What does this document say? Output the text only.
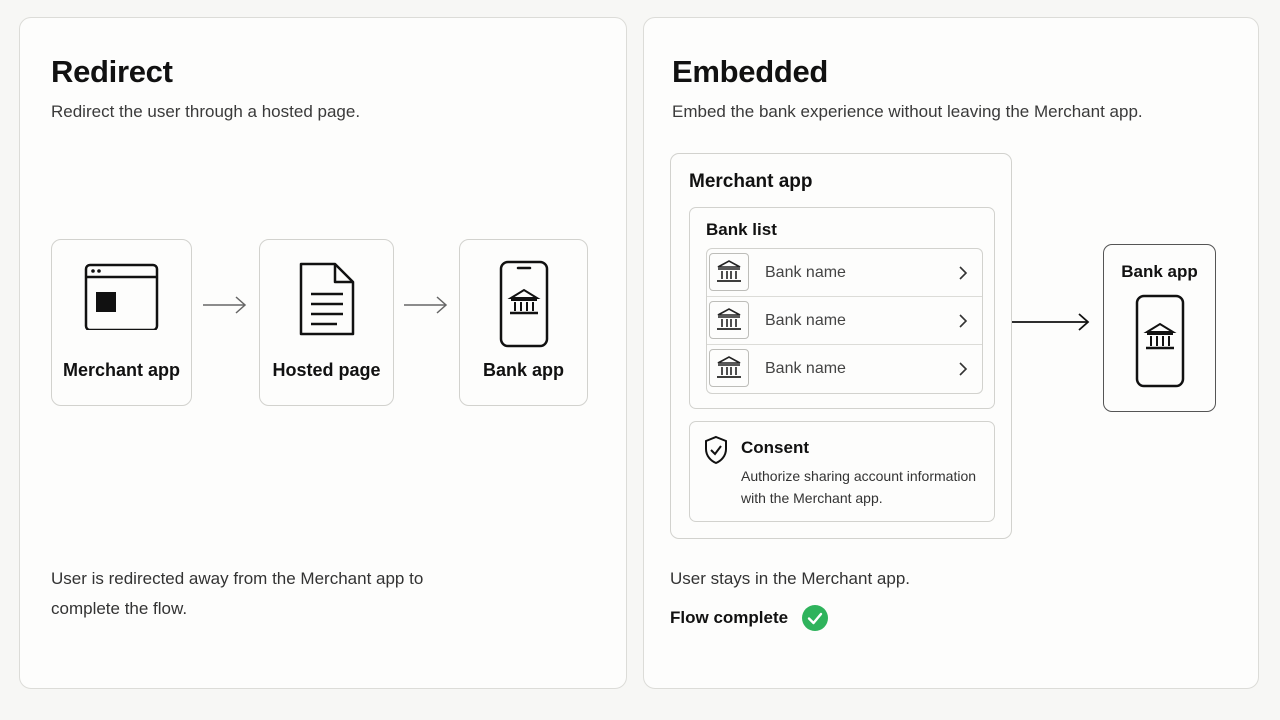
Redirect
Redirect the user through a hosted page.
Merchant app	Hosted page	Bank app
User is redirected away from the Merchant app to complete the flow.
Embedded
Embed the bank experience without leaving the Merchant app.
Merchant app
Bank list
Bank name
Bank name
Bank name
Consent
Authorize sharing account information with the Merchant app.
Bank app
User stays in the Merchant app.
Flow complete
